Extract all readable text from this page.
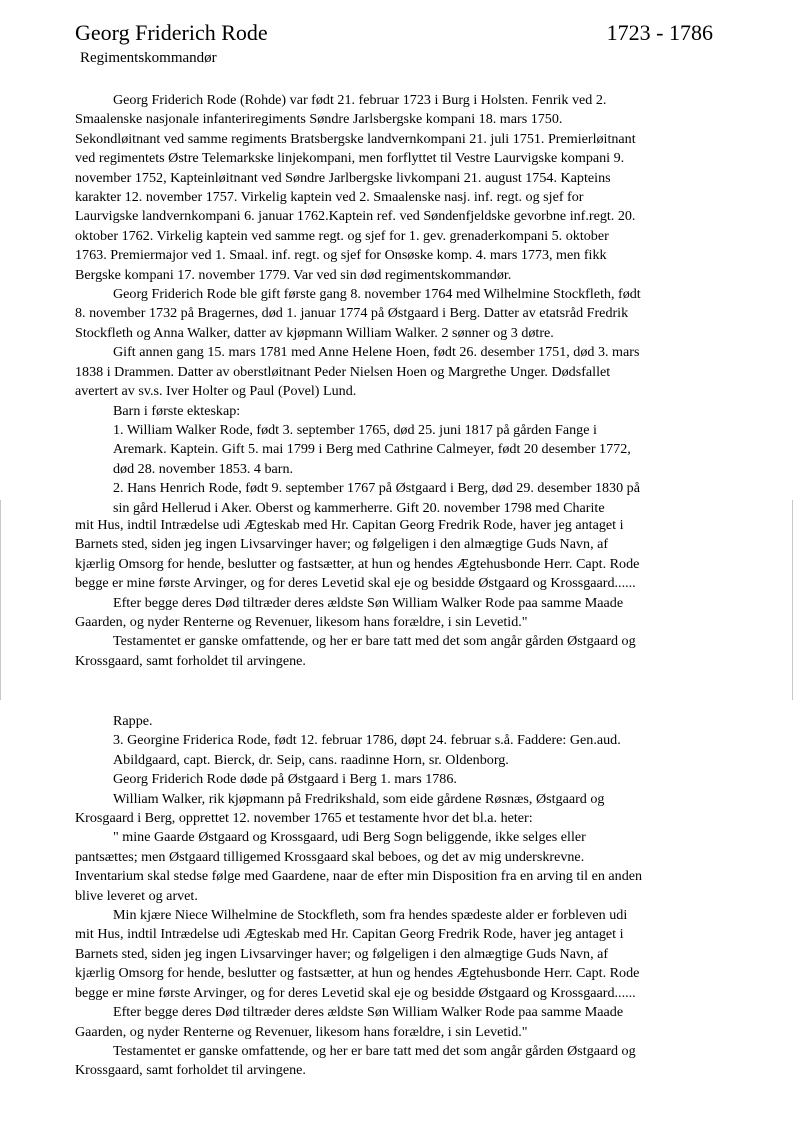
Georg Friderich Rode	1723 - 1786
Regimentskommandør

Georg Friderich Rode (Rohde) var født 21. februar 1723 i Burg i Holsten. Fenrik ved 2.
Smaalenske nasjonale infanteriregiments Søndre Jarlsbergske kompani 18. mars 1750.
Sekondløitnant ved samme regiments Bratsbergske landvernkompani 21. juli 1751. Premierløitnant
ved regimentets Østre Telemarkske linjekompani, men forflyttet til Vestre Laurvigske kompani 9.
november 1752, Kapteinløitnant ved Søndre Jarlbergske livkompani 21. august 1754. Kapteins
karakter 12. november 1757. Virkelig kaptein ved 2. Smaalenske nasj. inf. regt. og sjef for
Laurvigske landvernkompani 6. januar 1762.Kaptein ref. ved Søndenfjeldske gevorbne inf.regt. 20.
oktober 1762. Virkelig kaptein ved samme regt. og sjef for 1. gev. grenaderkompani 5. oktober
1763. Premiermajor ved 1. Smaal. inf. regt. og sjef for Onsøske komp. 4. mars 1773, men fikk
Bergske kompani 17. november 1779. Var ved sin død regimentskommandør.

Georg Friderich Rode ble gift første gang 8. november 1764 med Wilhelmine Stockfleth, født
8. november 1732 på Bragernes, død 1. januar 1774 på Østgaard i Berg. Datter av etatsråd Fredrik
Stockfleth og Anna Walker, datter av kjøpmann William Walker. 2 sønner og 3 døtre.

Gift annen gang 15. mars 1781 med Anne Helene Hoen, født 26. desember 1751, død 3. mars
1838 i Drammen. Datter av oberstløitnant Peder Nielsen Hoen og Margrethe Unger. Dødsfallet
avertert av sv.s. Iver Holter og Paul (Povel) Lund.

Barn i første ekteskap:

1. William Walker Rode, født 3. september 1765, død 25. juni 1817 på gården Fange i
Aremark. Kaptein. Gift 5. mai 1799 i Berg med Cathrine Calmeyer, født 20 desember 1772,
død 28. november 1853. 4 barn.

2. Hans Henrich Rode, født 9. september 1767 på Østgaard i Berg, død 29. desember 1830 på
sin gård Hellerud i Aker. Oberst og kammerherre. Gift 20. november 1798 med Charite

mit Hus, indtil Intrædelse udi Ægteskab med Hr. Capitan Georg Fredrik Rode, haver jeg antaget i
Barnets sted, siden jeg ingen Livsarvinger haver; og følgeligen i den almægtige Guds Navn, af
kjærlig Omsorg for hende, beslutter og fastsætter, at hun og hendes Ægtehusbonde Herr. Capt. Rode
begge er mine første Arvinger, og for deres Levetid skal eje og besidde Østgaard og Krossgaard......

Efter begge deres Død tiltræder deres ældste Søn William Walker Rode paa samme Maade
Gaarden, og nyder Renterne og Revenuer, likesom hans forældre, i sin Levetid."

Testamentet er ganske omfattende, og her er bare tatt med det som angår gården Østgaard og
Krossgaard, samt forholdet til arvingene.

Rappe.

3. Georgine Friderica Rode, født 12. februar 1786, døpt 24. februar s.å. Faddere: Gen.aud.
Abildgaard, capt. Bierck, dr. Seip, cans. raadinne Horn, sr. Oldenborg.

Georg Friderich Rode døde på Østgaard i Berg 1. mars 1786.

William Walker, rik kjøpmann på Fredrikshald, som eide gårdene Røsnæs, Østgaard og
Krosgaard i Berg, opprettet 12. november 1765 et testamente hvor det bl.a. heter:

" mine Gaarde Østgaard og Krossgaard, udi Berg Sogn beliggende, ikke selges eller
pantsættes; men Østgaard tilligemed Krossgaard skal beboes, og det av mig underskrevne.
Inventarium skal stedse følge med Gaardene, naar de efter min Disposition fra en arving til en anden
blive leveret og arvet.

Min kjære Niece Wilhelmine de Stockfleth, som fra hendes spædeste alder er forbleven udi
mit Hus, indtil Intrædelse udi Ægteskab med Hr. Capitan Georg Fredrik Rode, haver jeg antaget i
Barnets sted, siden jeg ingen Livsarvinger haver; og følgeligen i den almægtige Guds Navn, af
kjærlig Omsorg for hende, beslutter og fastsætter, at hun og hendes Ægtehusbonde Herr. Capt. Rode
begge er mine første Arvinger, og for deres Levetid skal eje og besidde Østgaard og Krossgaard......

Efter begge deres Død tiltræder deres ældste Søn William Walker Rode paa samme Maade
Gaarden, og nyder Renterne og Revenuer, likesom hans forældre, i sin Levetid."

Testamentet er ganske omfattende, og her er bare tatt med det som angår gården Østgaard og
Krossgaard, samt forholdet til arvingene.
